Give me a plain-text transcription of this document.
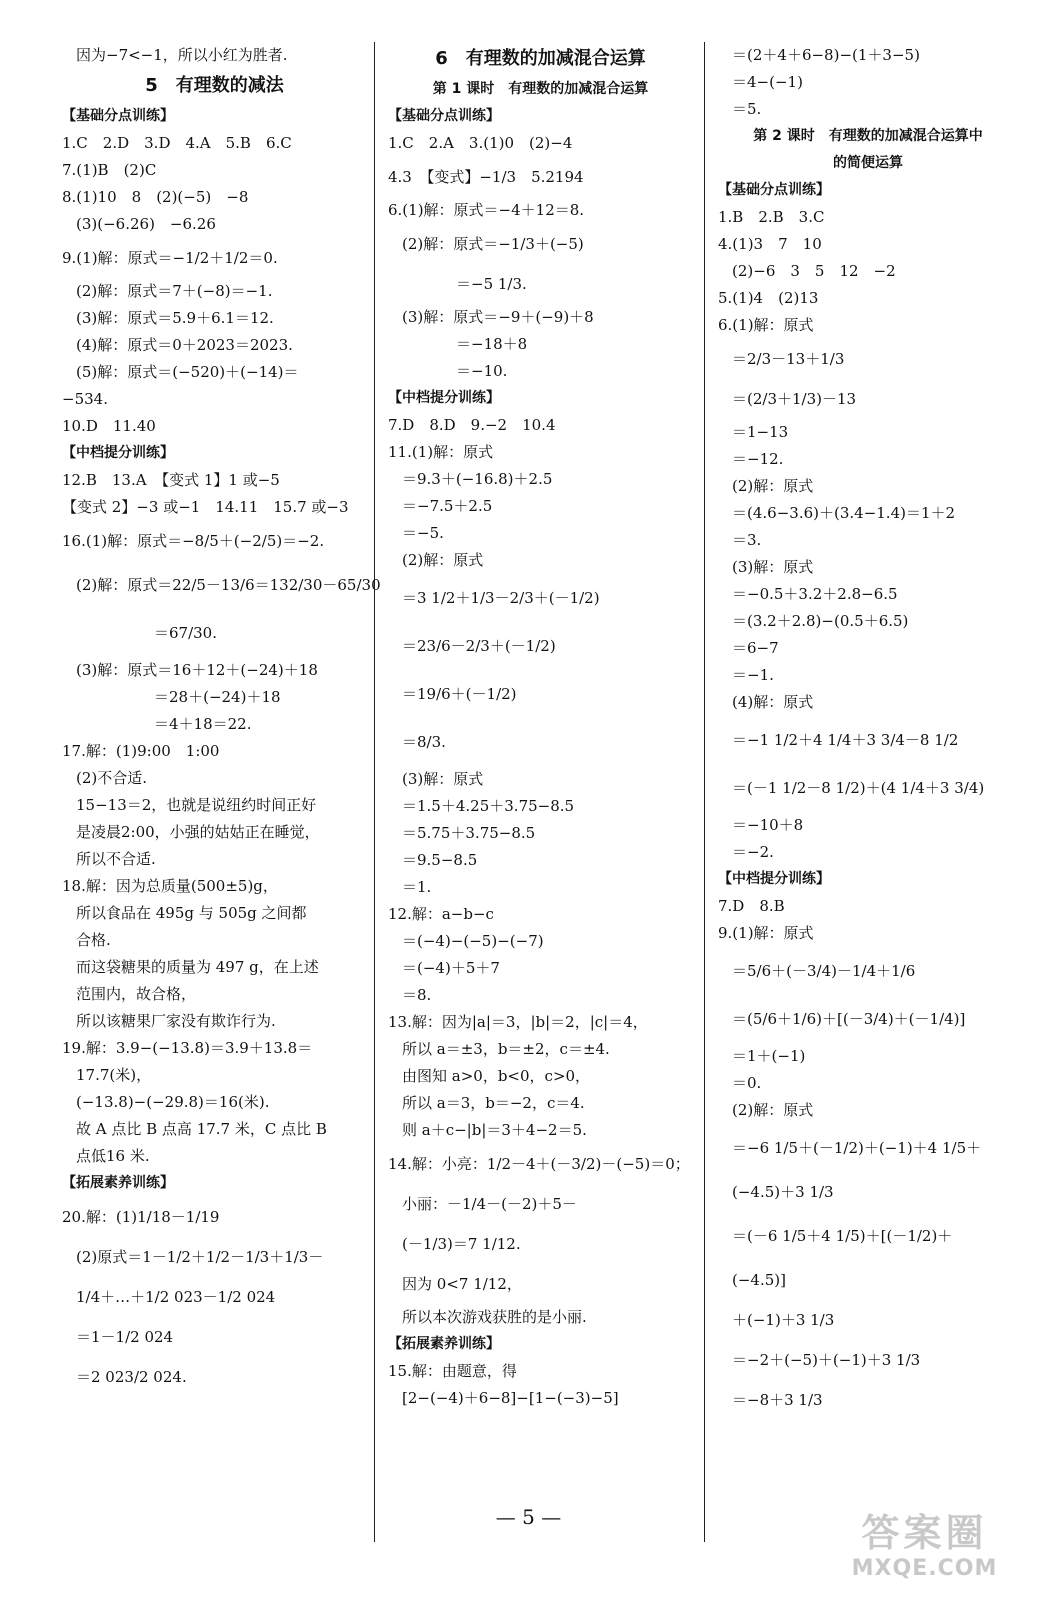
因为−7<−1，所以小红为胜者.
5　有理数的减法
【基础分点训练】
1.C　2.D　3.D　4.A　5.B　6.C
7.(1)B　(2)C
8.(1)10　8　(2)(−5)　−8
(3)(−6.26)　−6.26
9.(1)解：原式＝−1/2＋1/2＝0.
(2)解：原式＝7＋(−8)＝−1.
(3)解：原式＝5.9＋6.1＝12.
(4)解：原式＝0＋2023＝2023.
(5)解：原式＝(−520)＋(−14)＝
−534.
10.D　11.40
【中档提分训练】
12.B　13.A　【变式 1】1 或−5
【变式 2】−3 或−1　14.11　15.7 或−3
16.(1)解：原式＝−8/5＋(−2/5)＝−2.
(2)解：原式＝22/5－13/6＝132/30－65/30
＝67/30.
(3)解：原式＝16＋12＋(−24)＋18
＝28＋(−24)＋18
＝4＋18＝22.
17.解：(1)9:00　1:00
(2)不合适.
15−13＝2，也就是说纽约时间正好
是凌晨2:00，小强的姑姑正在睡觉，
所以不合适.
18.解：因为总质量(500±5)g，
所以食品在 495g 与 505g 之间都
合格.
而这袋糖果的质量为 497 g，在上述
范围内，故合格，
所以该糖果厂家没有欺诈行为.
19.解：3.9−(−13.8)＝3.9＋13.8＝
17.7(米)，
(−13.8)−(−29.8)＝16(米).
故 A 点比 B 点高 17.7 米，C 点比 B
点低16 米.
【拓展素养训练】
20.解：(1)1/18－1/19
(2)原式＝1－1/2＋1/2－1/3＋1/3－
1/4＋…＋1/2 023－1/2 024
＝1－1/2 024
＝2 023/2 024.
6　有理数的加减混合运算
第 1 课时　有理数的加减混合运算
【基础分点训练】
1.C　2.A　3.(1)0　(2)−4
4.3　【变式】−1/3　5.2194
6.(1)解：原式＝−4＋12＝8.
(2)解：原式＝−1/3＋(−5)
＝−5 1/3.
(3)解：原式＝−9＋(−9)＋8
＝−18＋8
＝−10.
【中档提分训练】
7.D　8.D　9.−2　10.4
11.(1)解：原式
＝9.3＋(−16.8)＋2.5
＝−7.5＋2.5
＝−5.
(2)解：原式
＝3 1/2＋1/3－2/3＋(－1/2)
＝23/6－2/3＋(－1/2)
＝19/6＋(－1/2)
＝8/3.
(3)解：原式
＝1.5＋4.25＋3.75−8.5
＝5.75＋3.75−8.5
＝9.5−8.5
＝1.
12.解：a−b−c
＝(−4)−(−5)−(−7)
＝(−4)＋5＋7
＝8.
13.解：因为|a|＝3，|b|＝2，|c|＝4，
所以 a＝±3，b＝±2，c＝±4.
由图知 a>0，b<0，c>0，
所以 a＝3，b＝−2，c＝4.
则 a＋c−|b|＝3＋4−2＝5.
14.解：小亮：1/2－4＋(－3/2)－(−5)＝0；
小丽：－1/4－(－2)＋5－
(－1/3)＝7 1/12.
因为 0<7 1/12，
所以本次游戏获胜的是小丽.
【拓展素养训练】
15.解：由题意，得
[2−(−4)＋6−8]−[1−(−3)−5]
＝(2＋4＋6−8)−(1＋3−5)
＝4−(−1)
＝5.
第 2 课时　有理数的加减混合运算中
的简便运算
【基础分点训练】
1.B　2.B　3.C
4.(1)3　7　10
(2)−6　3　5　12　−2
5.(1)4　(2)13
6.(1)解：原式
＝2/3－13＋1/3
＝(2/3＋1/3)－13
＝1−13
＝−12.
(2)解：原式
＝(4.6−3.6)＋(3.4−1.4)＝1＋2
＝3.
(3)解：原式
＝−0.5＋3.2＋2.8−6.5
＝(3.2＋2.8)−(0.5＋6.5)
＝6−7
＝−1.
(4)解：原式
＝−1 1/2＋4 1/4＋3 3/4－8 1/2
＝(－1 1/2－8 1/2)＋(4 1/4＋3 3/4)
＝−10＋8
＝−2.
【中档提分训练】
7.D　8.B
9.(1)解：原式
＝5/6＋(－3/4)－1/4＋1/6
＝(5/6＋1/6)＋[(－3/4)＋(－1/4)]
＝1＋(−1)
＝0.
(2)解：原式
＝−6 1/5＋(－1/2)＋(−1)＋4 1/5＋
(−4.5)＋3 1/3
＝(－6 1/5＋4 1/5)＋[(－1/2)＋
(−4.5)]
＋(−1)＋3 1/3
＝−2＋(−5)＋(−1)＋3 1/3
＝−8＋3 1/3
— 5 —	答案圈
MXQE.COM
